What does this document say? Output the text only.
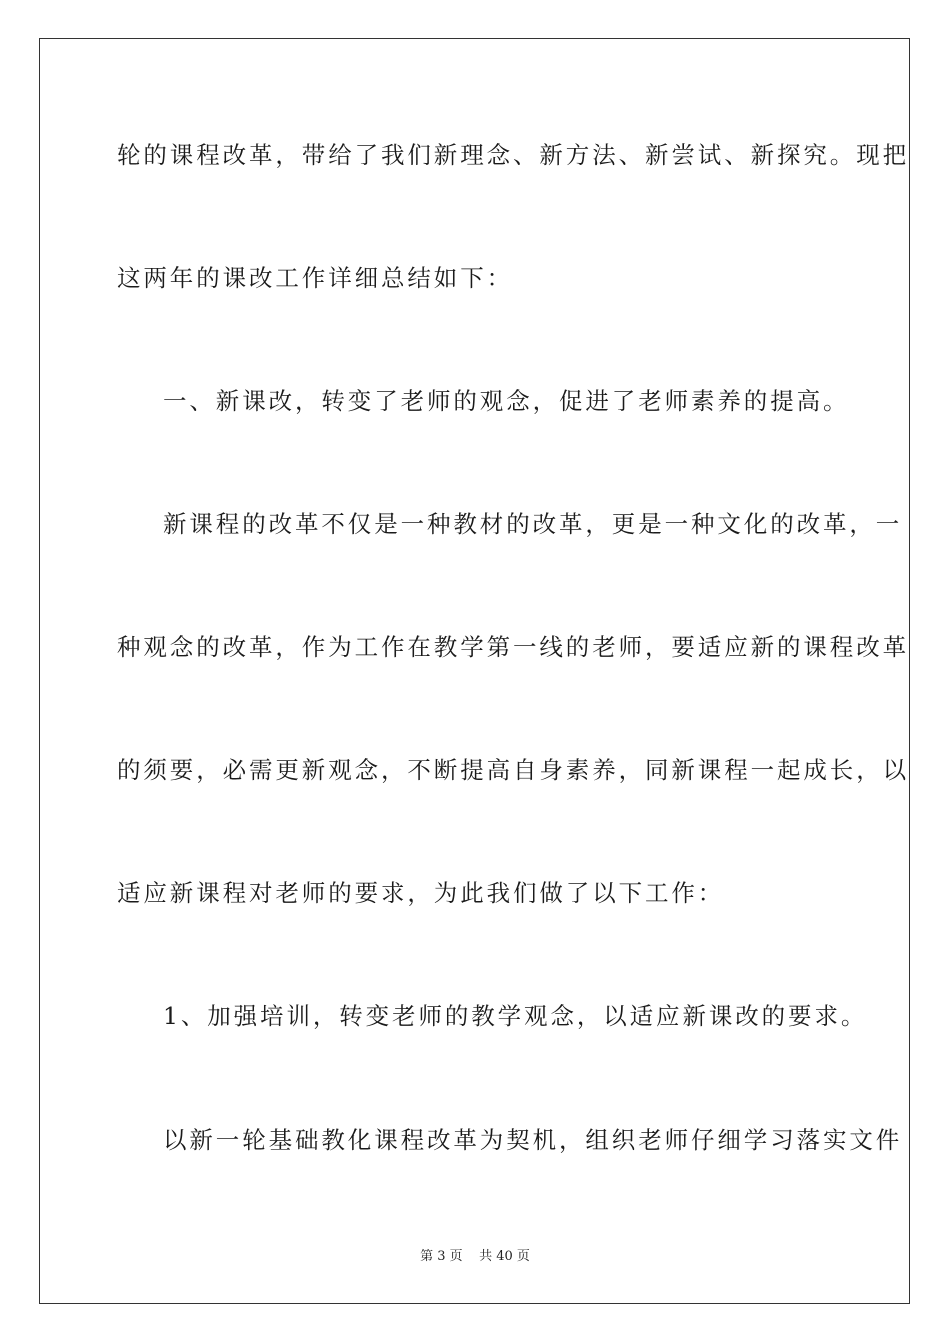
轮的课程改革，带给了我们新理念、新方法、新尝试、新探究。现把
这两年的课改工作详细总结如下：
一、新课改，转变了老师的观念，促进了老师素养的提高。
新课程的改革不仅是一种教材的改革，更是一种文化的改革，一
种观念的改革，作为工作在教学第一线的老师，要适应新的课程改革
的须要，必需更新观念，不断提高自身素养，同新课程一起成长，以
适应新课程对老师的要求，为此我们做了以下工作：
1、加强培训，转变老师的教学观念，以适应新课改的要求。
以新一轮基础教化课程改革为契机，组织老师仔细学习落实文件
第 3 页    共 40 页
